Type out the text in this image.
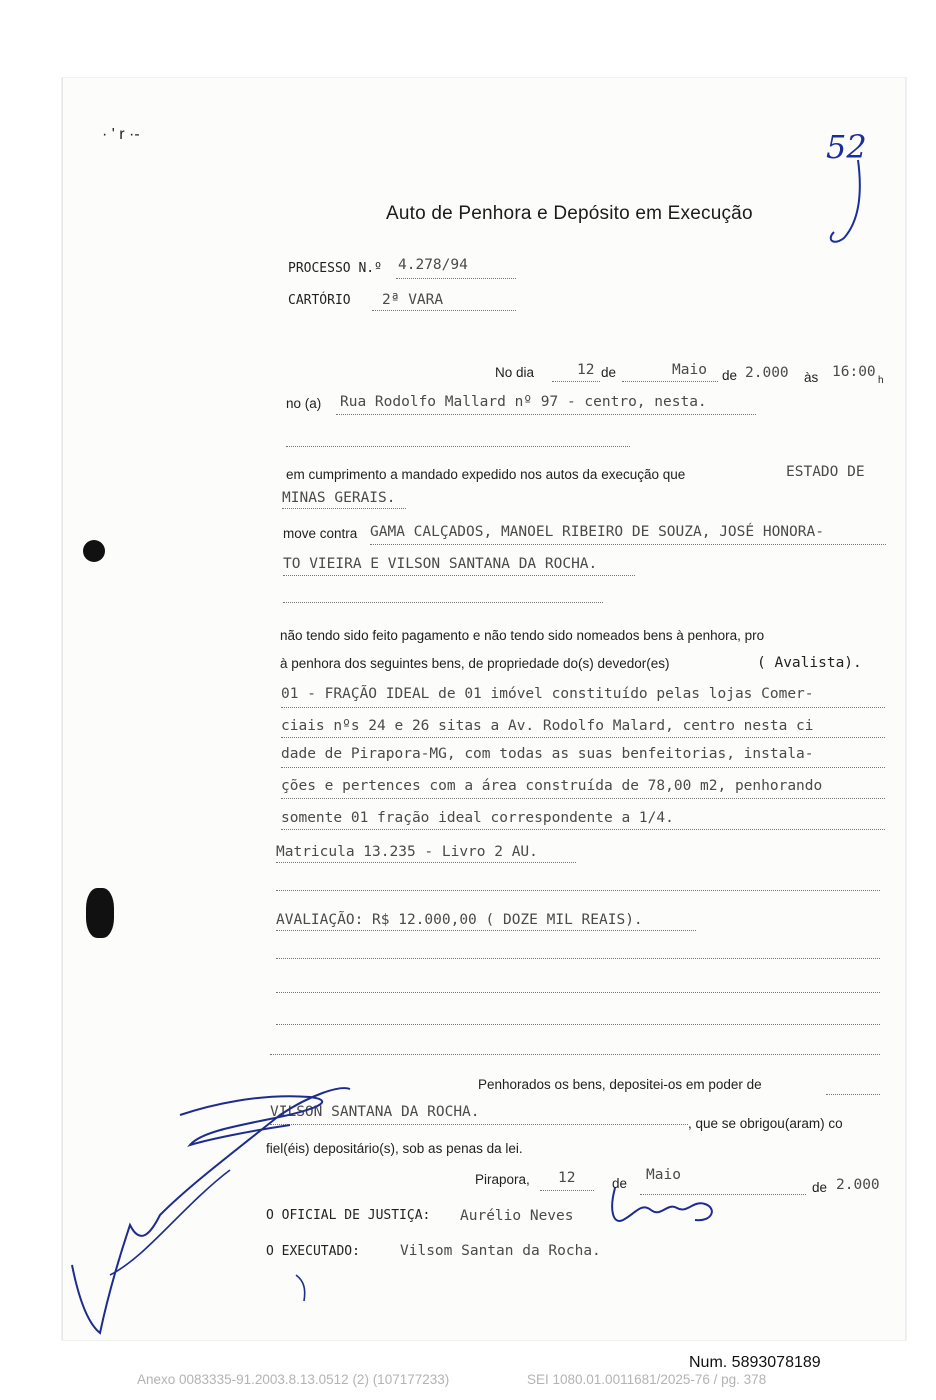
· ' r ·-	52
Auto de Penhora e Depósito em Execução
PROCESSO N.º 4.278/94
CARTÓRIO 2ª VARA
No dia	12 de	Maio de 2.000 às 16:00
h
no (a) Rua Rodolfo Mallard nº 97 - centro, nesta.
em cumprimento a mandado expedido nos autos da execução que	ESTADO DE
MINAS GERAIS.
move contra GAMA CALÇADOS, MANOEL RIBEIRO DE SOUZA, JOSÉ HONORA-
TO VIEIRA E VILSON SANTANA DA ROCHA.
não tendo sido feito pagamento e não tendo sido nomeados bens à penhora, pro
à penhora dos seguintes bens, de propriedade do(s) devedor(es)	( Avalista).
01 - FRAÇÃO IDEAL de 01 imóvel constituído pelas lojas Comer-
ciais nºs 24 e 26 sitas a Av. Rodolfo Malard, centro nesta ci
dade de Pirapora-MG, com todas as suas benfeitorias, instala-
ções e pertences com a área construída de 78,00 m2, penhorando
somente 01 fração ideal correspondente a 1/4.
Matricula 13.235 - Livro 2 AU.
AVALIAÇÃO: R$ 12.000,00 ( DOZE MIL REAIS).
Penhorados os bens, depositei-os em poder de
VILSON SANTANA DA ROCHA.
, que se obrigou(aram) co
fiel(éis) depositário(s), sob as penas da lei.
Pirapora, 12	de
Maio
de 2.000
O OFICIAL DE JUSTIÇA: Aurélio Neves
O EXECUTADO:	Vilsom Santan da Rocha.
Num. 5893078189
Anexo 0083335-91.2003.8.13.0512 (2) (107177233)	SEI 1080.01.0011681/2025-76 / pg. 378
